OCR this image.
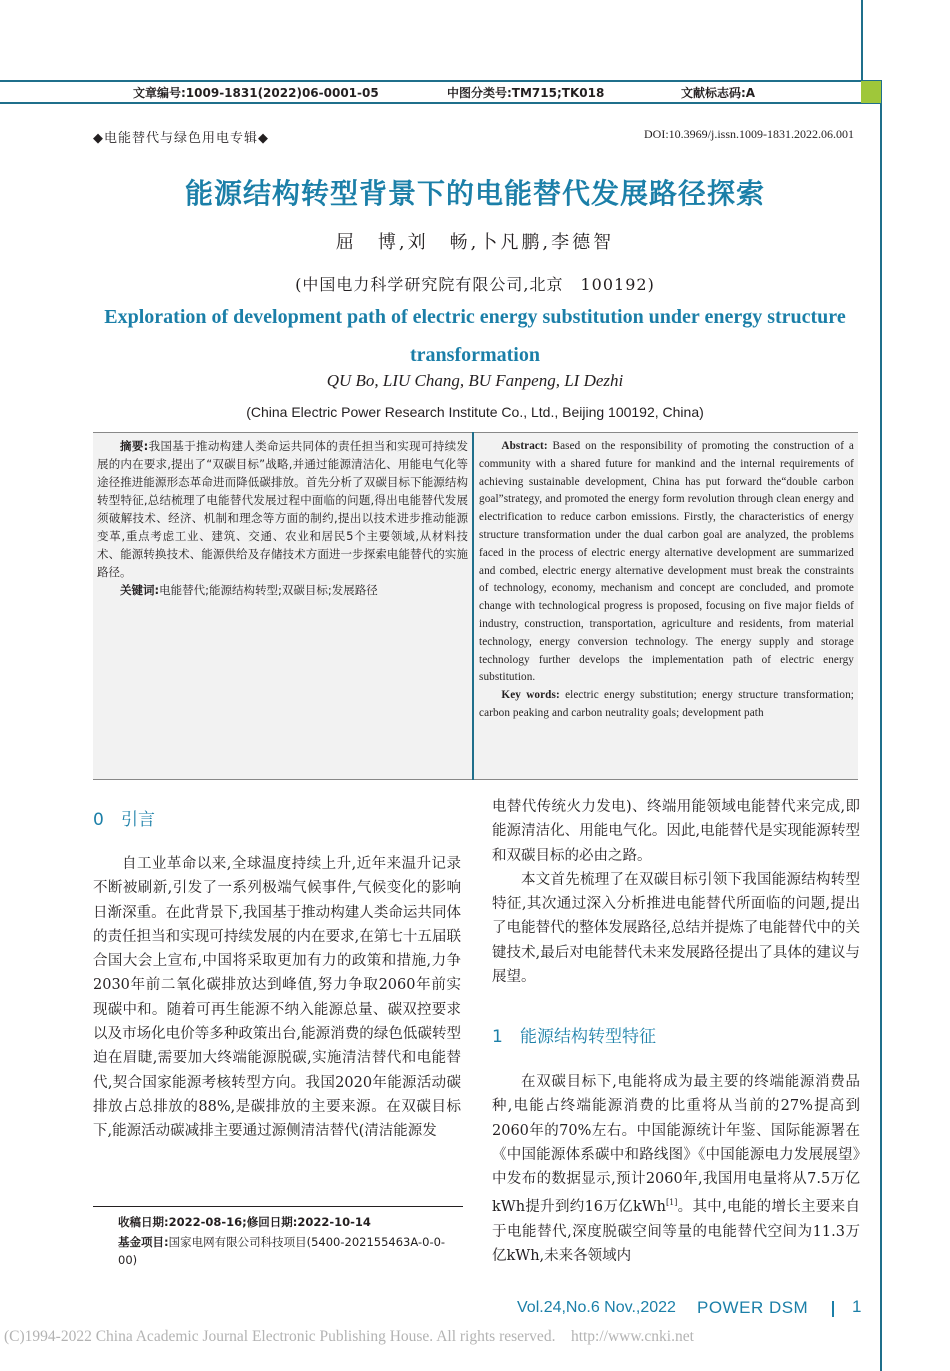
文章编号:1009-1831(2022)06-0001-05	中图分类号:TM715;TK018	文献标志码:A
◆电能替代与绿色用电专辑◆	DOI:10.3969/j.issn.1009-1831.2022.06.001
能源结构转型背景下的电能替代发展路径探索
屈　博,刘　畅,卜凡鹏,李德智
(中国电力科学研究院有限公司,北京　100192)
Exploration of development path of electric energy substitution under energy structure transformation
QU Bo, LIU Chang, BU Fanpeng, LI Dezhi
(China Electric Power Research Institute Co., Ltd., Beijing 100192, China)

摘要:我国基于推动构建人类命运共同体的责任担当和实现可持续发展的内在要求,提出了“双碳目标”战略,并通过能源清洁化、用能电气化等途径推进能源形态革命进而降低碳排放。首先分析了双碳目标下能源结构转型特征,总结梳理了电能替代发展过程中面临的问题,得出电能替代发展须破解技术、经济、机制和理念等方面的制约,提出以技术进步推动能源变革,重点考虑工业、建筑、交通、农业和居民5个主要领域,从材料技术、能源转换技术、能源供给及存储技术方面进一步探索电能替代的实施路径。

关键词:电能替代;能源结构转型;双碳目标;发展路径

Abstract: Based on the responsibility of promoting the construction of a community with a shared future for mankind and the internal requirements of achieving sustainable development, China has put forward the“double carbon goal”strategy, and promoted the energy form revolution through clean energy and electrification to reduce carbon emissions. Firstly, the characteristics of energy structure transformation under the dual carbon goal are analyzed, the problems faced in the process of electric energy alternative development are summarized and combed, electric energy alternative development must break the constraints of technology, economy, mechanism and concept are concluded, and promote change with technological progress is proposed, focusing on five major fields of industry, construction, transportation, agriculture and residents, from material technology, energy conversion technology. The energy supply and storage technology further develops the implementation path of electric energy substitution.

Key words: electric energy substitution; energy structure transformation; carbon peaking and carbon neutrality goals; development path

0 引言

自工业革命以来,全球温度持续上升,近年来温升记录不断被刷新,引发了一系列极端气候事件,气候变化的影响日渐深重。在此背景下,我国基于推动构建人类命运共同体的责任担当和实现可持续发展的内在要求,在第七十五届联合国大会上宣布,中国将采取更加有力的政策和措施,力争2030年前二氧化碳排放达到峰值,努力争取2060年前实现碳中和。随着可再生能源不纳入能源总量、碳双控要求以及市场化电价等多种政策出台,能源消费的绿色低碳转型迫在眉睫,需要加大终端能源脱碳,实施清洁替代和电能替代,契合国家能源考核转型方向。我国2020年能源活动碳排放占总排放的88%,是碳排放的主要来源。在双碳目标下,能源活动碳减排主要通过源侧清洁替代(清洁能源发

电替代传统火力发电)、终端用能领域电能替代来完成,即能源清洁化、用能电气化。因此,电能替代是实现能源转型和双碳目标的必由之路。

本文首先梳理了在双碳目标引领下我国能源结构转型特征,其次通过深入分析推进电能替代所面临的问题,提出了电能替代的整体发展路径,总结并提炼了电能替代中的关键技术,最后对电能替代未来发展路径提出了具体的建议与展望。

1 能源结构转型特征

在双碳目标下,电能将成为最主要的终端能源消费品种,电能占终端能源消费的比重将从当前的27%提高到2060年的70%左右。中国能源统计年鉴、国际能源署在《中国能源体系碳中和路线图》《中国能源电力发展展望》中发布的数据显示,预计2060年,我国用电量将从7.5万亿kWh提升到约16万亿kWh[1]。其中,电能的增长主要来自于电能替代,深度脱碳空间等量的电能替代空间为11.3万亿kWh,未来各领域内

收稿日期:2022-08-16;修回日期:2022-10-14
基金项目:国家电网有限公司科技项目(5400-202155463A-0-0-00)
Vol.24,No.6 Nov.,2022 POWER DSM	1
(C)1994-2022 China Academic Journal Electronic Publishing House. All rights reserved.　http://www.cnki.net
